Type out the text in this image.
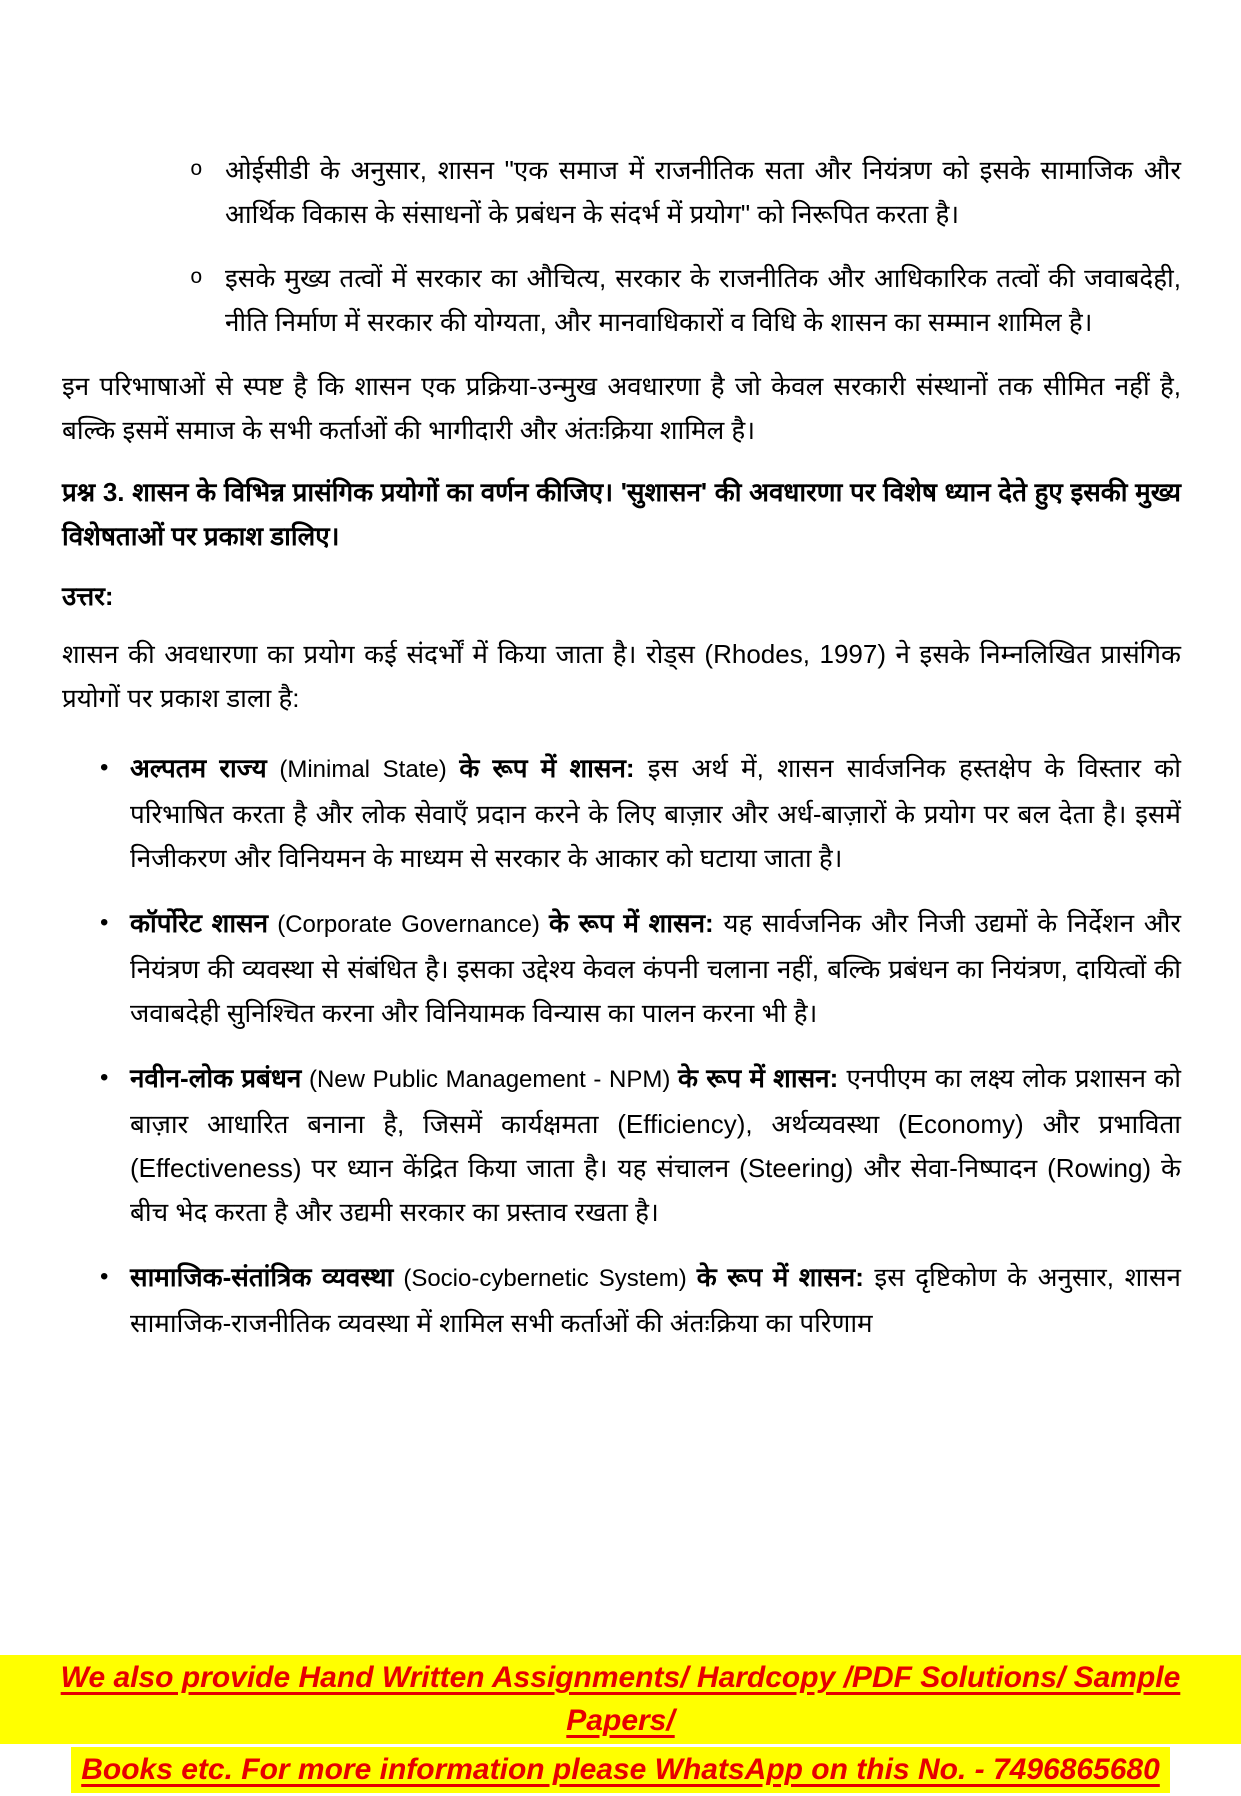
o ओईसीडी के अनुसार, शासन "एक समाज में राजनीतिक सता और नियंत्रण को इसके सामाजिक और आर्थिक विकास के संसाधनों के प्रबंधन के संदर्भ में प्रयोग" को निरूपित करता है।
o इसके मुख्य तत्वों में सरकार का औचित्य, सरकार के राजनीतिक और आधिकारिक तत्वों की जवाबदेही, नीति निर्माण में सरकार की योग्यता, और मानवाधिकारों व विधि के शासन का सम्मान शामिल है।
इन परिभाषाओं से स्पष्ट है कि शासन एक प्रक्रिया-उन्मुख अवधारणा है जो केवल सरकारी संस्थानों तक सीमित नहीं है, बल्कि इसमें समाज के सभी कर्ताओं की भागीदारी और अंतःक्रिया शामिल है।
प्रश्न 3. शासन के विभिन्न प्रासंगिक प्रयोगों का वर्णन कीजिए। 'सुशासन' की अवधारणा पर विशेष ध्यान देते हुए इसकी मुख्य विशेषताओं पर प्रकाश डालिए।
उत्तर:
शासन की अवधारणा का प्रयोग कई संदर्भों में किया जाता है। रोड्स (Rhodes, 1997) ने इसके निम्नलिखित प्रासंगिक प्रयोगों पर प्रकाश डाला है:
• अल्पतम राज्य (Minimal State) के रूप में शासन: इस अर्थ में, शासन सार्वजनिक हस्तक्षेप के विस्तार को परिभाषित करता है और लोक सेवाएँ प्रदान करने के लिए बाज़ार और अर्ध-बाज़ारों के प्रयोग पर बल देता है। इसमें निजीकरण और विनियमन के माध्यम से सरकार के आकार को घटाया जाता है।
• कॉर्पोरेट शासन (Corporate Governance) के रूप में शासन: यह सार्वजनिक और निजी उद्यमों के निर्देशन और नियंत्रण की व्यवस्था से संबंधित है। इसका उद्देश्य केवल कंपनी चलाना नहीं, बल्कि प्रबंधन का नियंत्रण, दायित्वों की जवाबदेही सुनिश्चित करना और विनियामक विन्यास का पालन करना भी है।
• नवीन-लोक प्रबंधन (New Public Management - NPM) के रूप में शासन: एनपीएम का लक्ष्य लोक प्रशासन को बाज़ार आधारित बनाना है, जिसमें कार्यक्षमता (Efficiency), अर्थव्यवस्था (Economy) और प्रभाविता (Effectiveness) पर ध्यान केंद्रित किया जाता है। यह संचालन (Steering) और सेवा-निष्पादन (Rowing) के बीच भेद करता है और उद्यमी सरकार का प्रस्ताव रखता है।
• सामाजिक-संतांत्रिक व्यवस्था (Socio-cybernetic System) के रूप में शासन: इस दृष्टिकोण के अनुसार, शासन सामाजिक-राजनीतिक व्यवस्था में शामिल सभी कर्ताओं की अंतःक्रिया का परिणाम
We also provide Hand Written Assignments/ Hardcopy /PDF Solutions/ Sample Papers/
Books etc. For more information please WhatsApp on this No. - 7496865680
